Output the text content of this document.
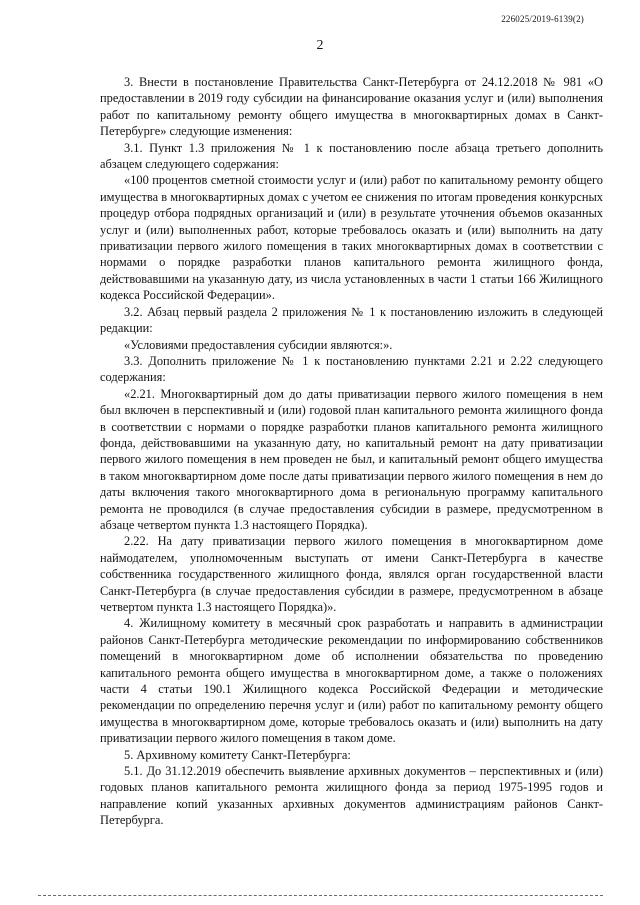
226025/2019-6139(2)
2

3. Внести в постановление Правительства Санкт-Петербурга от 24.12.2018 № 981 «О предоставлении в 2019 году субсидии на финансирование оказания услуг и (или) выполнения работ по капитальному ремонту общего имущества в многоквартирных домах в Санкт-Петербурге» следующие изменения:

3.1. Пункт 1.3 приложения № 1 к постановлению после абзаца третьего дополнить абзацем следующего содержания:

«100 процентов сметной стоимости услуг и (или) работ по капитальному ремонту общего имущества в многоквартирных домах с учетом ее снижения по итогам проведения конкурсных процедур отбора подрядных организаций и (или) в результате уточнения объемов оказанных услуг и (или) выполненных работ, которые требовалось оказать и (или) выполнить на дату приватизации первого жилого помещения в таких многоквартирных домах в соответствии с нормами о порядке разработки планов капитального ремонта жилищного фонда, действовавшими на указанную дату, из числа установленных в части 1 статьи 166 Жилищного кодекса Российской Федерации».

3.2. Абзац первый раздела 2 приложения № 1 к постановлению изложить в следующей редакции:

«Условиями предоставления субсидии являются:».

3.3. Дополнить приложение № 1 к постановлению пунктами 2.21 и 2.22 следующего содержания:

«2.21. Многоквартирный дом до даты приватизации первого жилого помещения в нем был включен в перспективный и (или) годовой план капитального ремонта жилищного фонда в соответствии с нормами о порядке разработки планов капитального ремонта жилищного фонда, действовавшими на указанную дату, но капитальный ремонт на дату приватизации первого жилого помещения в нем проведен не был, и капитальный ремонт общего имущества в таком многоквартирном доме после даты приватизации первого жилого помещения в нем до даты включения такого многоквартирного дома в региональную программу капитального ремонта не проводился (в случае предоставления субсидии в размере, предусмотренном в абзаце четвертом пункта 1.3 настоящего Порядка).

2.22. На дату приватизации первого жилого помещения в многоквартирном доме наймодателем, уполномоченным выступать от имени Санкт-Петербурга в качестве собственника государственного жилищного фонда, являлся орган государственной власти Санкт-Петербурга (в случае предоставления субсидии в размере, предусмотренном в абзаце четвертом пункта 1.3 настоящего Порядка)».

4. Жилищному комитету в месячный срок разработать и направить в администрации районов Санкт-Петербурга методические рекомендации по информированию собственников помещений в многоквартирном доме об исполнении обязательства по проведению капитального ремонта общего имущества в многоквартирном доме, а также о положениях части 4 статьи 190.1 Жилищного кодекса Российской Федерации и методические рекомендации по определению перечня услуг и (или) работ по капитальному ремонту общего имущества в многоквартирном доме, которые требовалось оказать и (или) выполнить на дату приватизации первого жилого помещения в таком доме.

5. Архивному комитету Санкт-Петербурга:

5.1. До 31.12.2019 обеспечить выявление архивных документов – перспективных и (или) годовых планов капитального ремонта жилищного фонда за период 1975-1995 годов и направление копий указанных архивных документов администрациям районов Санкт-Петербурга.
